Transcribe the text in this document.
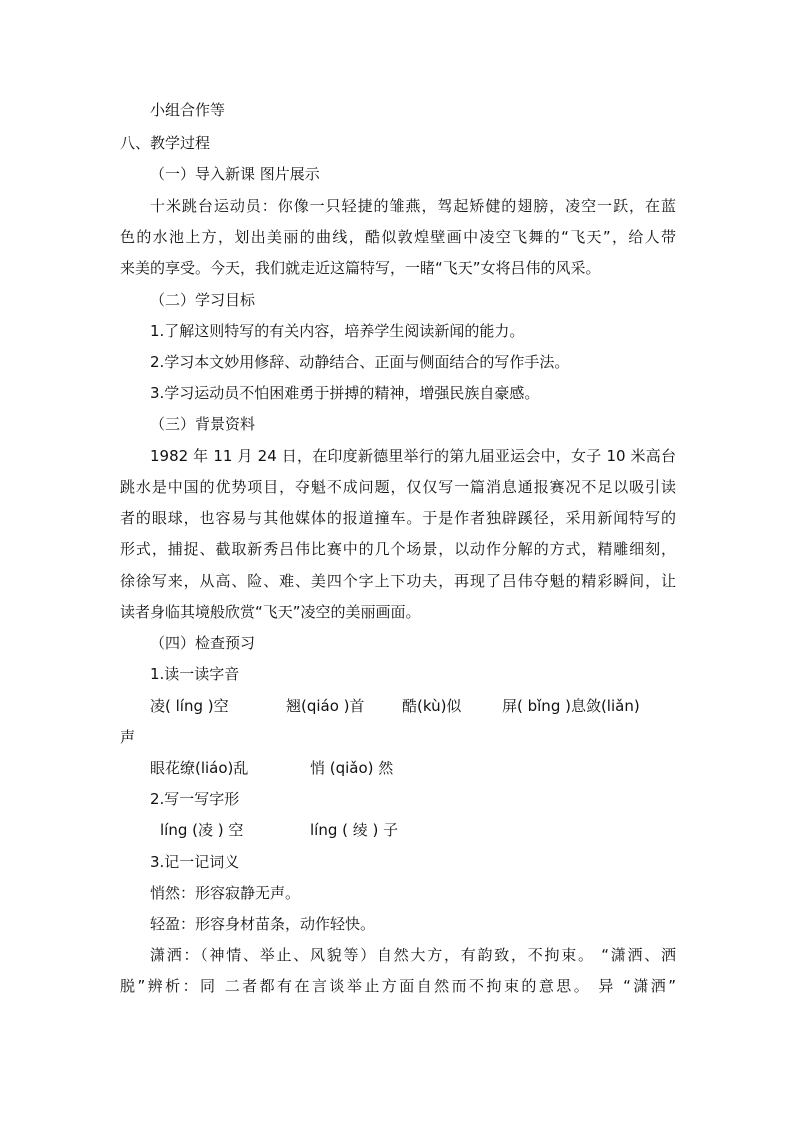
小组合作等
八、教学过程
（一）导入新课 图片展示
十米跳台运动员：你像一只轻捷的雏燕，驾起矫健的翅膀，凌空一跃，在蓝
色的水池上方，划出美丽的曲线，酷似敦煌壁画中凌空飞舞的“飞天”，给人带
来美的享受。今天，我们就走近这篇特写，一睹“飞天”女将吕伟的风采。
（二）学习目标
1.了解这则特写的有关内容，培养学生阅读新闻的能力。
2.学习本文妙用修辞、动静结合、正面与侧面结合的写作手法。
3.学习运动员不怕困难勇于拼搏的精神，增强民族自豪感。
（三）背景资料
1982 年 11 月 24 日，在印度新德里举行的第九届亚运会中，女子 10 米高台
跳水是中国的优势项目，夺魁不成问题，仅仅写一篇消息通报赛况不足以吸引读
者的眼球，也容易与其他媒体的报道撞车。于是作者独辟蹊径，采用新闻特写的
形式，捕捉、截取新秀吕伟比赛中的几个场景，以动作分解的方式，精雕细刻，
徐徐写来，从高、险、难、美四个字上下功夫，再现了吕伟夺魁的精彩瞬间，让
读者身临其境般欣赏“飞天”凌空的美丽画面。
（四）检查预习
1.读一读字音
凌( líng )空	翘(qiáo )首 酷(kù)似	屏( bǐng )息敛(liǎn)
声
眼花缭(liáo)乱	悄 (qiǎo) 然
2.写一写字形
líng (凌 ) 空	líng ( 绫 ) 子
3.记一记词义
悄然：形容寂静无声。
轻盈：形容身材苗条，动作轻快。
潇洒：（神情、举止、风貌等）自然大方，有韵致，不拘束。 “潇洒、洒
脱”辨析：同 二者都有在言谈举止方面自然而不拘束的意思。 异 “潇洒”
